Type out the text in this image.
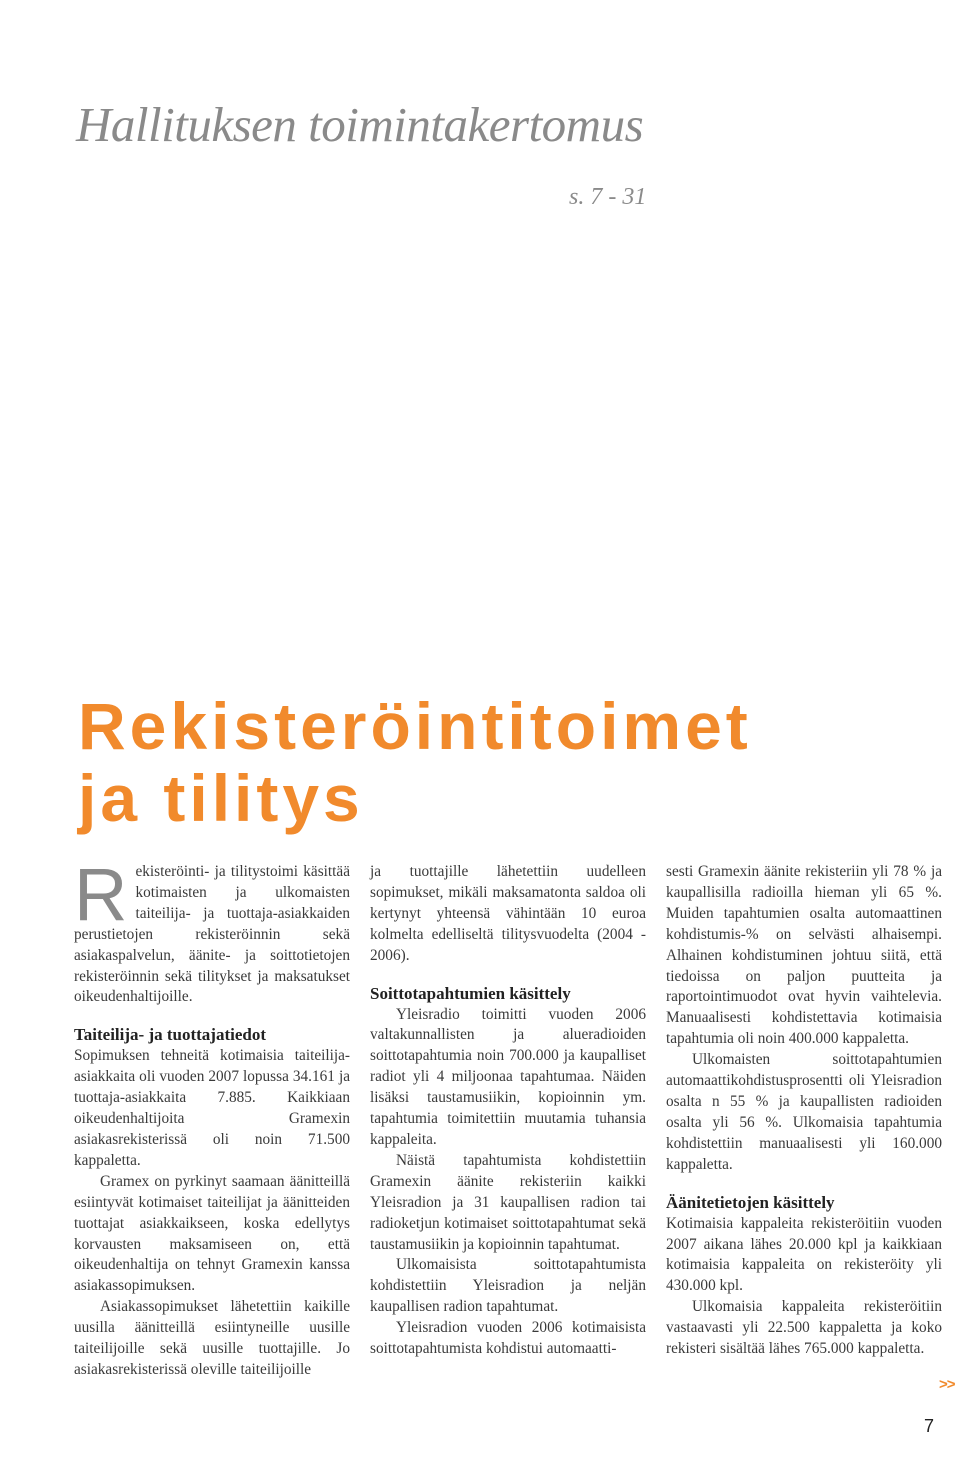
Hallituksen toimintakertomus
s. 7 - 31
Rekisteröintitoimet
ja tilitys

Rekisteröinti- ja tilitystoimi käsittää kotimaisten ja ulkomaisten taiteilija- ja tuottaja-asiakkaiden perustietojen rekisteröinnin sekä asiakaspalvelun, äänite- ja soittotietojen rekisteröinnin sekä tilitykset ja maksatukset oikeudenhaltijoille.

Taiteilija- ja tuottajatiedot

Sopimuksen tehneitä kotimaisia taiteilija-asiakkaita oli vuoden 2007 lopussa 34.161 ja tuottaja-asiakkaita 7.885. Kaikkiaan oikeudenhaltijoita Gramexin asiakasrekisterissä oli noin 71.500 kappaletta.

Gramex on pyrkinyt saamaan äänitteillä esiintyvät kotimaiset taiteilijat ja äänitteiden tuottajat asiakkaikseen, koska edellytys korvausten maksamiseen on, että oikeudenhaltija on tehnyt Gramexin kanssa asiakassopimuksen.

Asiakassopimukset lähetettiin kaikille uusilla äänitteillä esiintyneille uusille taiteilijoille sekä uusille tuottajille. Jo asiakasrekisterissä oleville taiteilijoille

ja tuottajille lähetettiin uudelleen sopimukset, mikäli maksamatonta saldoa oli kertynyt yhteensä vähintään 10 euroa kolmelta edelliseltä tilitysvuodelta (2004 - 2006).

Soittotapahtumien käsittely

Yleisradio toimitti vuoden 2006 valtakunnallisten ja alueradioiden soittotapahtumia noin 700.000 ja kaupalliset radiot yli 4 miljoonaa tapahtumaa. Näiden lisäksi taustamusiikin, kopioinnin ym. tapahtumia toimitettiin muutamia tuhansia kappaleita.

Näistä tapahtumista kohdistettiin Gramexin äänite rekisteriin kaikki Yleisradion ja 31 kaupallisen radion tai radioketjun kotimaiset soittotapahtumat sekä taustamusiikin ja kopioinnin tapahtumat.

Ulkomaisista soittotapahtumista kohdistettiin Yleisradion ja neljän kaupallisen radion tapahtumat.

Yleisradion vuoden 2006 kotimaisista soittotapahtumista kohdistui automaatti-

sesti Gramexin äänite rekisteriin yli 78 % ja kaupallisilla radioilla hieman yli 65 %. Muiden tapahtumien osalta automaattinen kohdistumis-% on selvästi alhaisempi. Alhainen kohdistuminen johtuu siitä, että tiedoissa on paljon puutteita ja raportointimuodot ovat hyvin vaihtelevia. Manuaalisesti kohdistettavia kotimaisia tapahtumia oli noin 400.000 kappaletta.

Ulkomaisten soittotapahtumien automaattikohdistusprosentti oli Yleisradion osalta n 55 % ja kaupallisten radioiden osalta yli 56 %. Ulkomaisia tapahtumia kohdistettiin manuaalisesti yli 160.000 kappaletta.

Äänitetietojen käsittely

Kotimaisia kappaleita rekisteröitiin vuoden 2007 aikana lähes 20.000 kpl ja kaikkiaan kotimaisia kappaleita on rekisteröity yli 430.000 kpl.

Ulkomaisia kappaleita rekisteröitiin vastaavasti yli 22.500 kappaletta ja koko rekisteri sisältää lähes 765.000 kappaletta.

>>
7
